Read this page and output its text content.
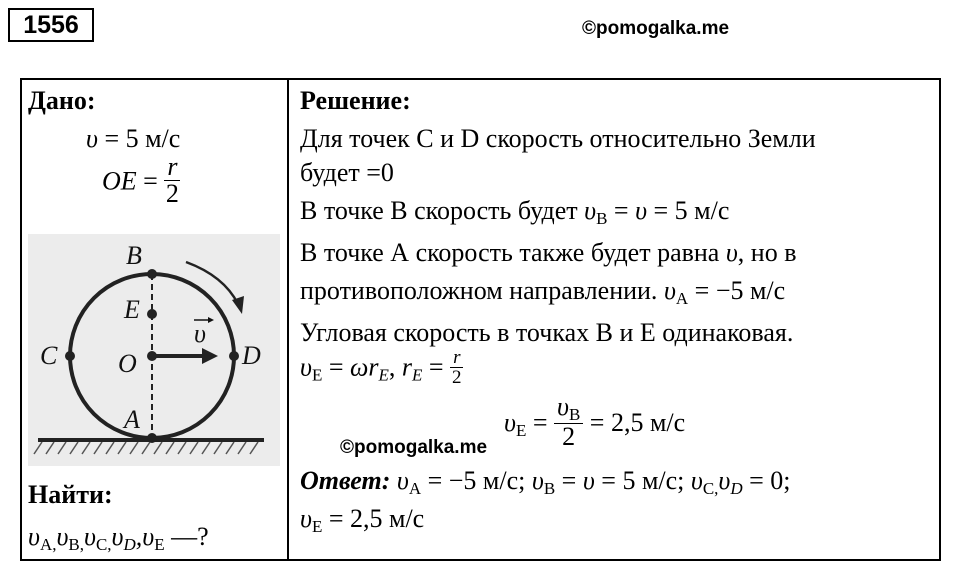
1556	©pomogalka.me
Дано:
υ = 5 м/с
OE = $\frac{r}{2}$
B
E
C O	D
A
υ
Найти:
$\upsilon_{A,}\upsilon_{B,}\upsilon_{C,}\upsilon D,\upsilon_E$ —?
Решение:
Для точек С и D скорость относительно Земли
будет =0
В точке В скорость будет $\upsilon_B = \upsilon = 5$ м/с
В точке А скорость также будет равна υ, но в
противоположном направлении. $\upsilon_A = -5$ м/с
Угловая скорость в точках В и Е одинаковая.
$\upsilon_E = \omega rE$, rE = $\frac{r}{2}$
$\upsilon_E = \frac{\upsilon_B}{2} = 2,5$ м/с
Ответ: $\upsilon_A = -5$ м/с; $\upsilon_B = \upsilon = 5$ м/с; $\upsilon_{C,}\upsilon D = 0$;
$\upsilon_E = 2,5$ м/с
©pomogalka.me
